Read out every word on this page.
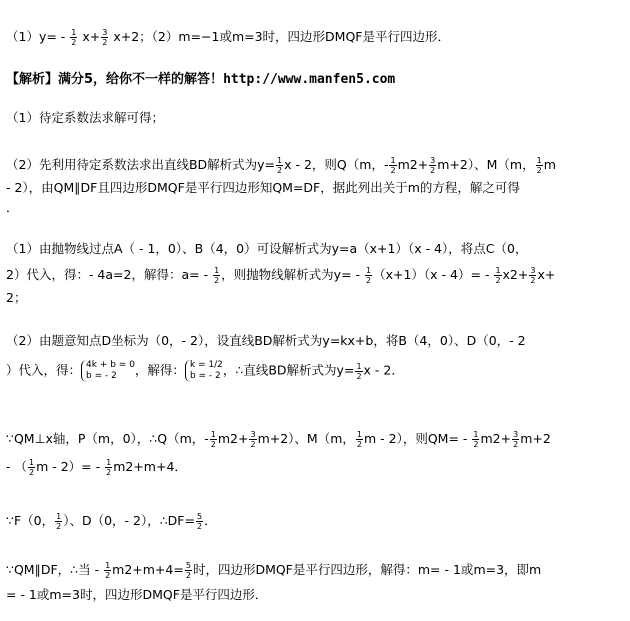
$(1)y= - \frac{1}{2} x+ \frac{3}{2} x+2$；（2）m=−1或m=3时，四边形DMQF是平行四边形．
【解析】满分5，给你不一样的解答！http://www.manfen5.com
（1）待定系数法求解可得；
（2）先利用待定系数法求出直线BD解析式为$y= \frac{1}{2}$ x - 2，则Q（m，- $\frac{1}{2} m2+ \frac{3}{2} m+2$）、M（m， $\frac{1}{2}$ m
- 2），由QM∥DF且四边形DMQF是平行四边形知QM=DF，据此列出关于m的方程，解之可得
．
（1）由抛物线过点A（ - 1，0）、B（4，0）可设解析式为y=a（x+1）（x - 4），将点C（0，
2）代入，得：- 4a=2，解得：$a= - \frac{1}{2}$ ，则抛物线解析式为$y= - \frac{1}{2} (x+1)(x - 4)= - \frac{1}{2} x2+ \frac{3}{2} x+$
2；
（2）由题意知点D坐标为（0，- 2），设直线BD解析式为y=kx+b，将B（4，0）、D（0，- 2
）代入，得： 4k + b = 0
b = - 2	，解得： k = 1/2
b = - 2 ，∴直线BD解析式为$y= \frac{1}{2}$ x - 2．
∵QM⊥x轴，P（m，0），∴Q（m，- $\frac{1}{2} m2+ \frac{3}{2} m+2$）、M（m， $\frac{1}{2}$ m - 2），则$QM= - \frac{1}{2} m2+ \frac{3}{2} m+2$
- （ $\frac{1}{2}$ $m - 2)= - \frac{1}{2} m2+m+4$．
∵F（0， $\frac{1}{2}$ ）、D（0，- 2），∴DF= $\frac{5}{2}$ ．
∵QM∥DF，∴当 - $\frac{1}{2} m2+m+4= \frac{5}{2}$ 时，四边形DMQF是平行四边形，解得：m= - 1或m=3，即m
= - 1或m=3时，四边形DMQF是平行四边形．
